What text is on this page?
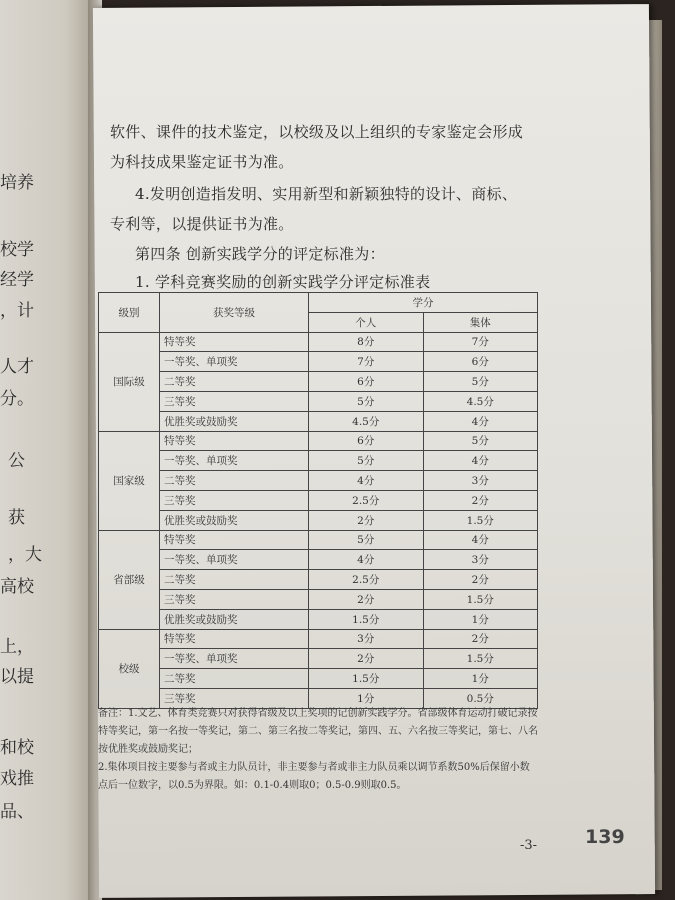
培养
校学
经学
，计
人才
分。
公
获
，大
高校
上，
以提
和校
戏推
品、
软件、课件的技术鉴定，以校级及以上组织的专家鉴定会形成
为科技成果鉴定证书为准。
4.发明创造指发明、实用新型和新颖独特的设计、商标、
专利等，以提供证书为准。
第四条 创新实践学分的评定标准为：
1. 学科竞赛奖励的创新实践学分评定标准表
级别	获奖等级	学分	
		个人	集体
国际级	特等奖	8分	7分
	一等奖、单项奖	7分	6分
	二等奖	6分	5分
	三等奖	5分	4.5分
	优胜奖或鼓励奖	4.5分	4分
国家级	特等奖	6分	5分
	一等奖、单项奖	5分	4分
	二等奖	4分	3分
	三等奖	2.5分	2分
	优胜奖或鼓励奖	2分	1.5分
省部级	特等奖	5分	4分
	一等奖、单项奖	4分	3分
	二等奖	2.5分	2分
	三等奖	2分	1.5分
	优胜奖或鼓励奖	1.5分	1分
校级	特等奖	3分	2分
	一等奖、单项奖	2分	1.5分
	二等奖	1.5分	1分
	三等奖	1分	0.5分
备注：1.文艺、体育类竞赛只对获得省级及以上奖项的记创新实践学分。省部级体育运动打破记录按特等奖记，第一名按一等奖记，第二、第三名按二等奖记，第四、五、六名按三等奖记，第七、八名按优胜奖或鼓励奖记；
2.集体项目按主要参与者或主力队员计，非主要参与者或非主力队员乘以调节系数50%后保留小数点后一位数字，以0.5为界限。如：0.1-0.4则取0；0.5-0.9则取0.5。
-3-	139
